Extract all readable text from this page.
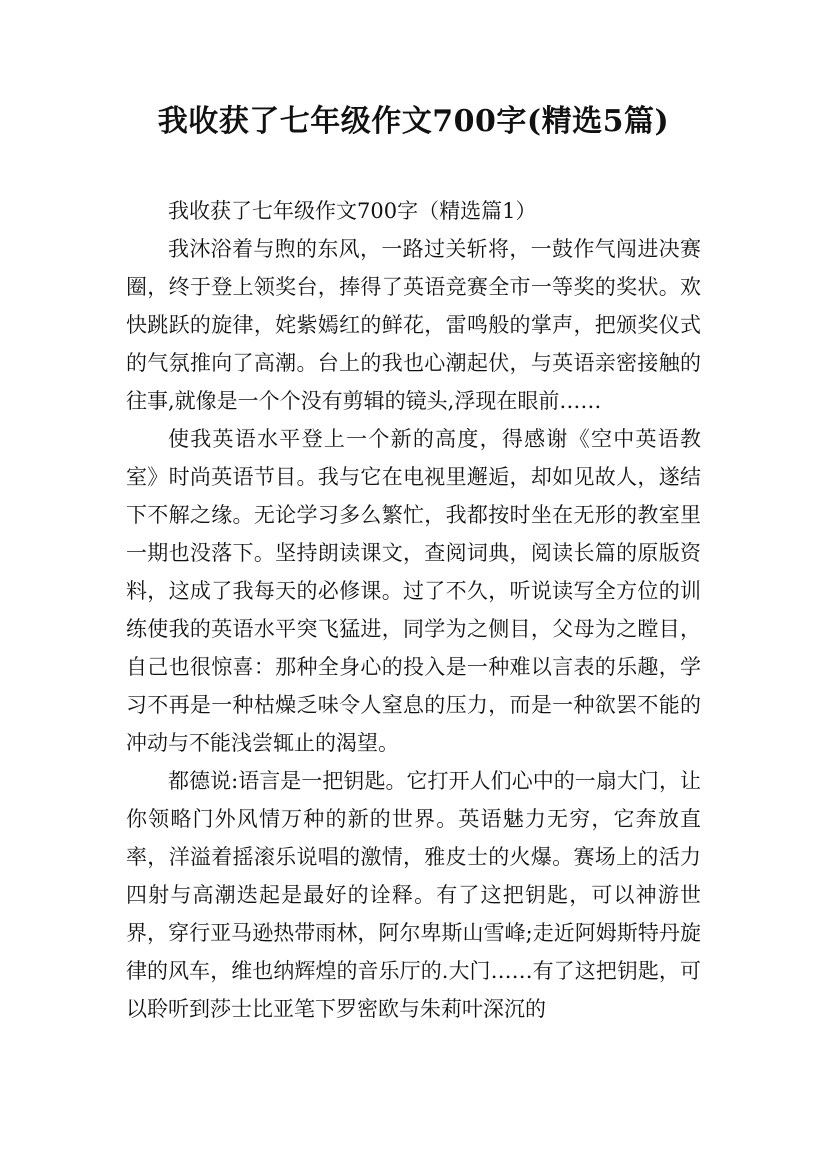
我收获了七年级作文700字(精选5篇)

我收获了七年级作文700字（精选篇1）

我沐浴着与煦的东风，一路过关斩将，一鼓作气闯进决赛圈，终于登上领奖台，捧得了英语竞赛全市一等奖的奖状。欢快跳跃的旋律，姹紫嫣红的鲜花，雷鸣般的掌声，把颁奖仪式的气氛推向了高潮。台上的我也心潮起伏，与英语亲密接触的往事,就像是一个个没有剪辑的镜头,浮现在眼前……

使我英语水平登上一个新的高度，得感谢《空中英语教室》时尚英语节目。我与它在电视里邂逅，却如见故人，遂结下不解之缘。无论学习多么繁忙，我都按时坐在无形的教室里一期也没落下。坚持朗读课文，查阅词典，阅读长篇的原版资料，这成了我每天的必修课。过了不久，听说读写全方位的训练使我的英语水平突飞猛进，同学为之侧目，父母为之瞠目，自己也很惊喜：那种全身心的投入是一种难以言表的乐趣，学习不再是一种枯燥乏味令人窒息的压力，而是一种欲罢不能的冲动与不能浅尝辄止的渴望。

都德说:语言是一把钥匙。它打开人们心中的一扇大门，让你领略门外风情万种的新的世界。英语魅力无穷，它奔放直率，洋溢着摇滚乐说唱的激情，雅皮士的火爆。赛场上的活力四射与高潮迭起是最好的诠释。有了这把钥匙，可以神游世界，穿行亚马逊热带雨林，阿尔卑斯山雪峰;走近阿姆斯特丹旋律的风车，维也纳辉煌的音乐厅的.大门……有了这把钥匙，可以聆听到莎士比亚笔下罗密欧与朱莉叶深沉的
